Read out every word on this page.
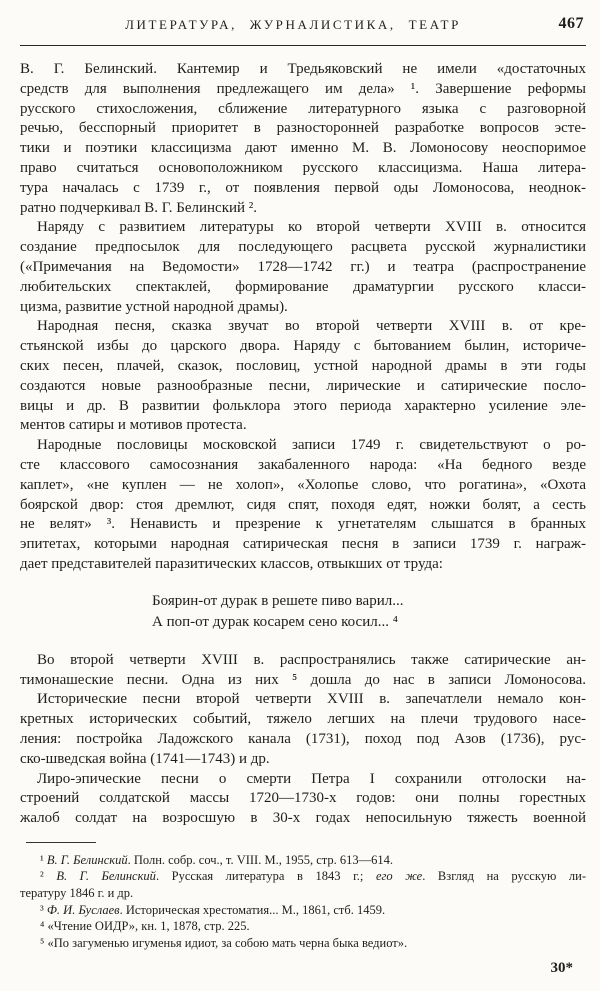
ЛИТЕРАТУРА, ЖУРНАЛИСТИКА, ТЕАТР	467
В. Г. Белинский. Кантемир и Тредьяковский не имели «достаточных
средств для выполнения предлежащего им дела» ¹. Завершение реформы
русского стихосложения, сближение литературного языка с разговорной
речью, бесспорный приоритет в разносторонней разработке вопросов эсте-
тики и поэтики классицизма дают именно М. В. Ломоносову неоспоримое
право считаться основоположником русского классицизма. Наша литера-
тура началась с 1739 г., от появления первой оды Ломоносова, неоднок-
ратно подчеркивал В. Г. Белинский ².
Наряду с развитием литературы ко второй четверти XVIII в. относится
создание предпосылок для последующего расцвета русской журналистики
(«Примечания на Ведомости» 1728—1742 гг.) и театра (распространение
любительских спектаклей, формирование драматургии русского класси-
цизма, развитие устной народной драмы).
Народная песня, сказка звучат во второй четверти XVIII в. от кре-
стьянской избы до царского двора. Наряду с бытованием былин, историче-
ских песен, плачей, сказок, пословиц, устной народной драмы в эти годы
создаются новые разнообразные песни, лирические и сатирические посло-
вицы и др. В развитии фольклора этого периода характерно усиление эле-
ментов сатиры и мотивов протеста.
Народные пословицы московской записи 1749 г. свидетельствуют о ро-
сте классового самосознания закабаленного народа: «На бедного везде
каплет», «не куплен — не холоп», «Холопье слово, что рогатина», «Охота
боярской двор: стоя дремлют, сидя спят, походя едят, ножки болят, а сесть
не велят» ³. Ненависть и презрение к угнетателям слышатся в бранных
эпитетах, которыми народная сатирическая песня в записи 1739 г. награж-
дает представителей паразитических классов, отвыкших от труда:
Боярин-от дурак в решете пиво варил...
А поп-от дурак косарем сено косил... ⁴
Во второй четверти XVIII в. распространялись также сатирические ан-
тимонашеские песни. Одна из них ⁵ дошла до нас в записи Ломоносова.
Исторические песни второй четверти XVIII в. запечатлели немало кон-
кретных исторических событий, тяжело легших на плечи трудового насе-
ления: постройка Ладожского канала (1731), поход под Азов (1736), рус-
ско-шведская война (1741—1743) и др.
Лиро-эпические песни о смерти Петра I сохранили отголоски на-
строений солдатской массы 1720—1730-х годов: они полны горестных
жалоб солдат на возросшую в 30-х годах непосильную тяжесть военной
¹ В. Г. Белинский. Полн. собр. соч., т. VIII. М., 1955, стр. 613—614.
² В. Г. Белинский. Русская литература в 1843 г.; его же. Взгляд на русскую ли-
тературу 1846 г. и др.
³ Ф. И. Буслаев. Историческая хрестоматия... М., 1861, стб. 1459.
⁴ «Чтение ОИДР», кн. 1, 1878, стр. 225.
⁵ «По загуменью игуменья идиот, за собою мать черна быка ведиот».
30*
